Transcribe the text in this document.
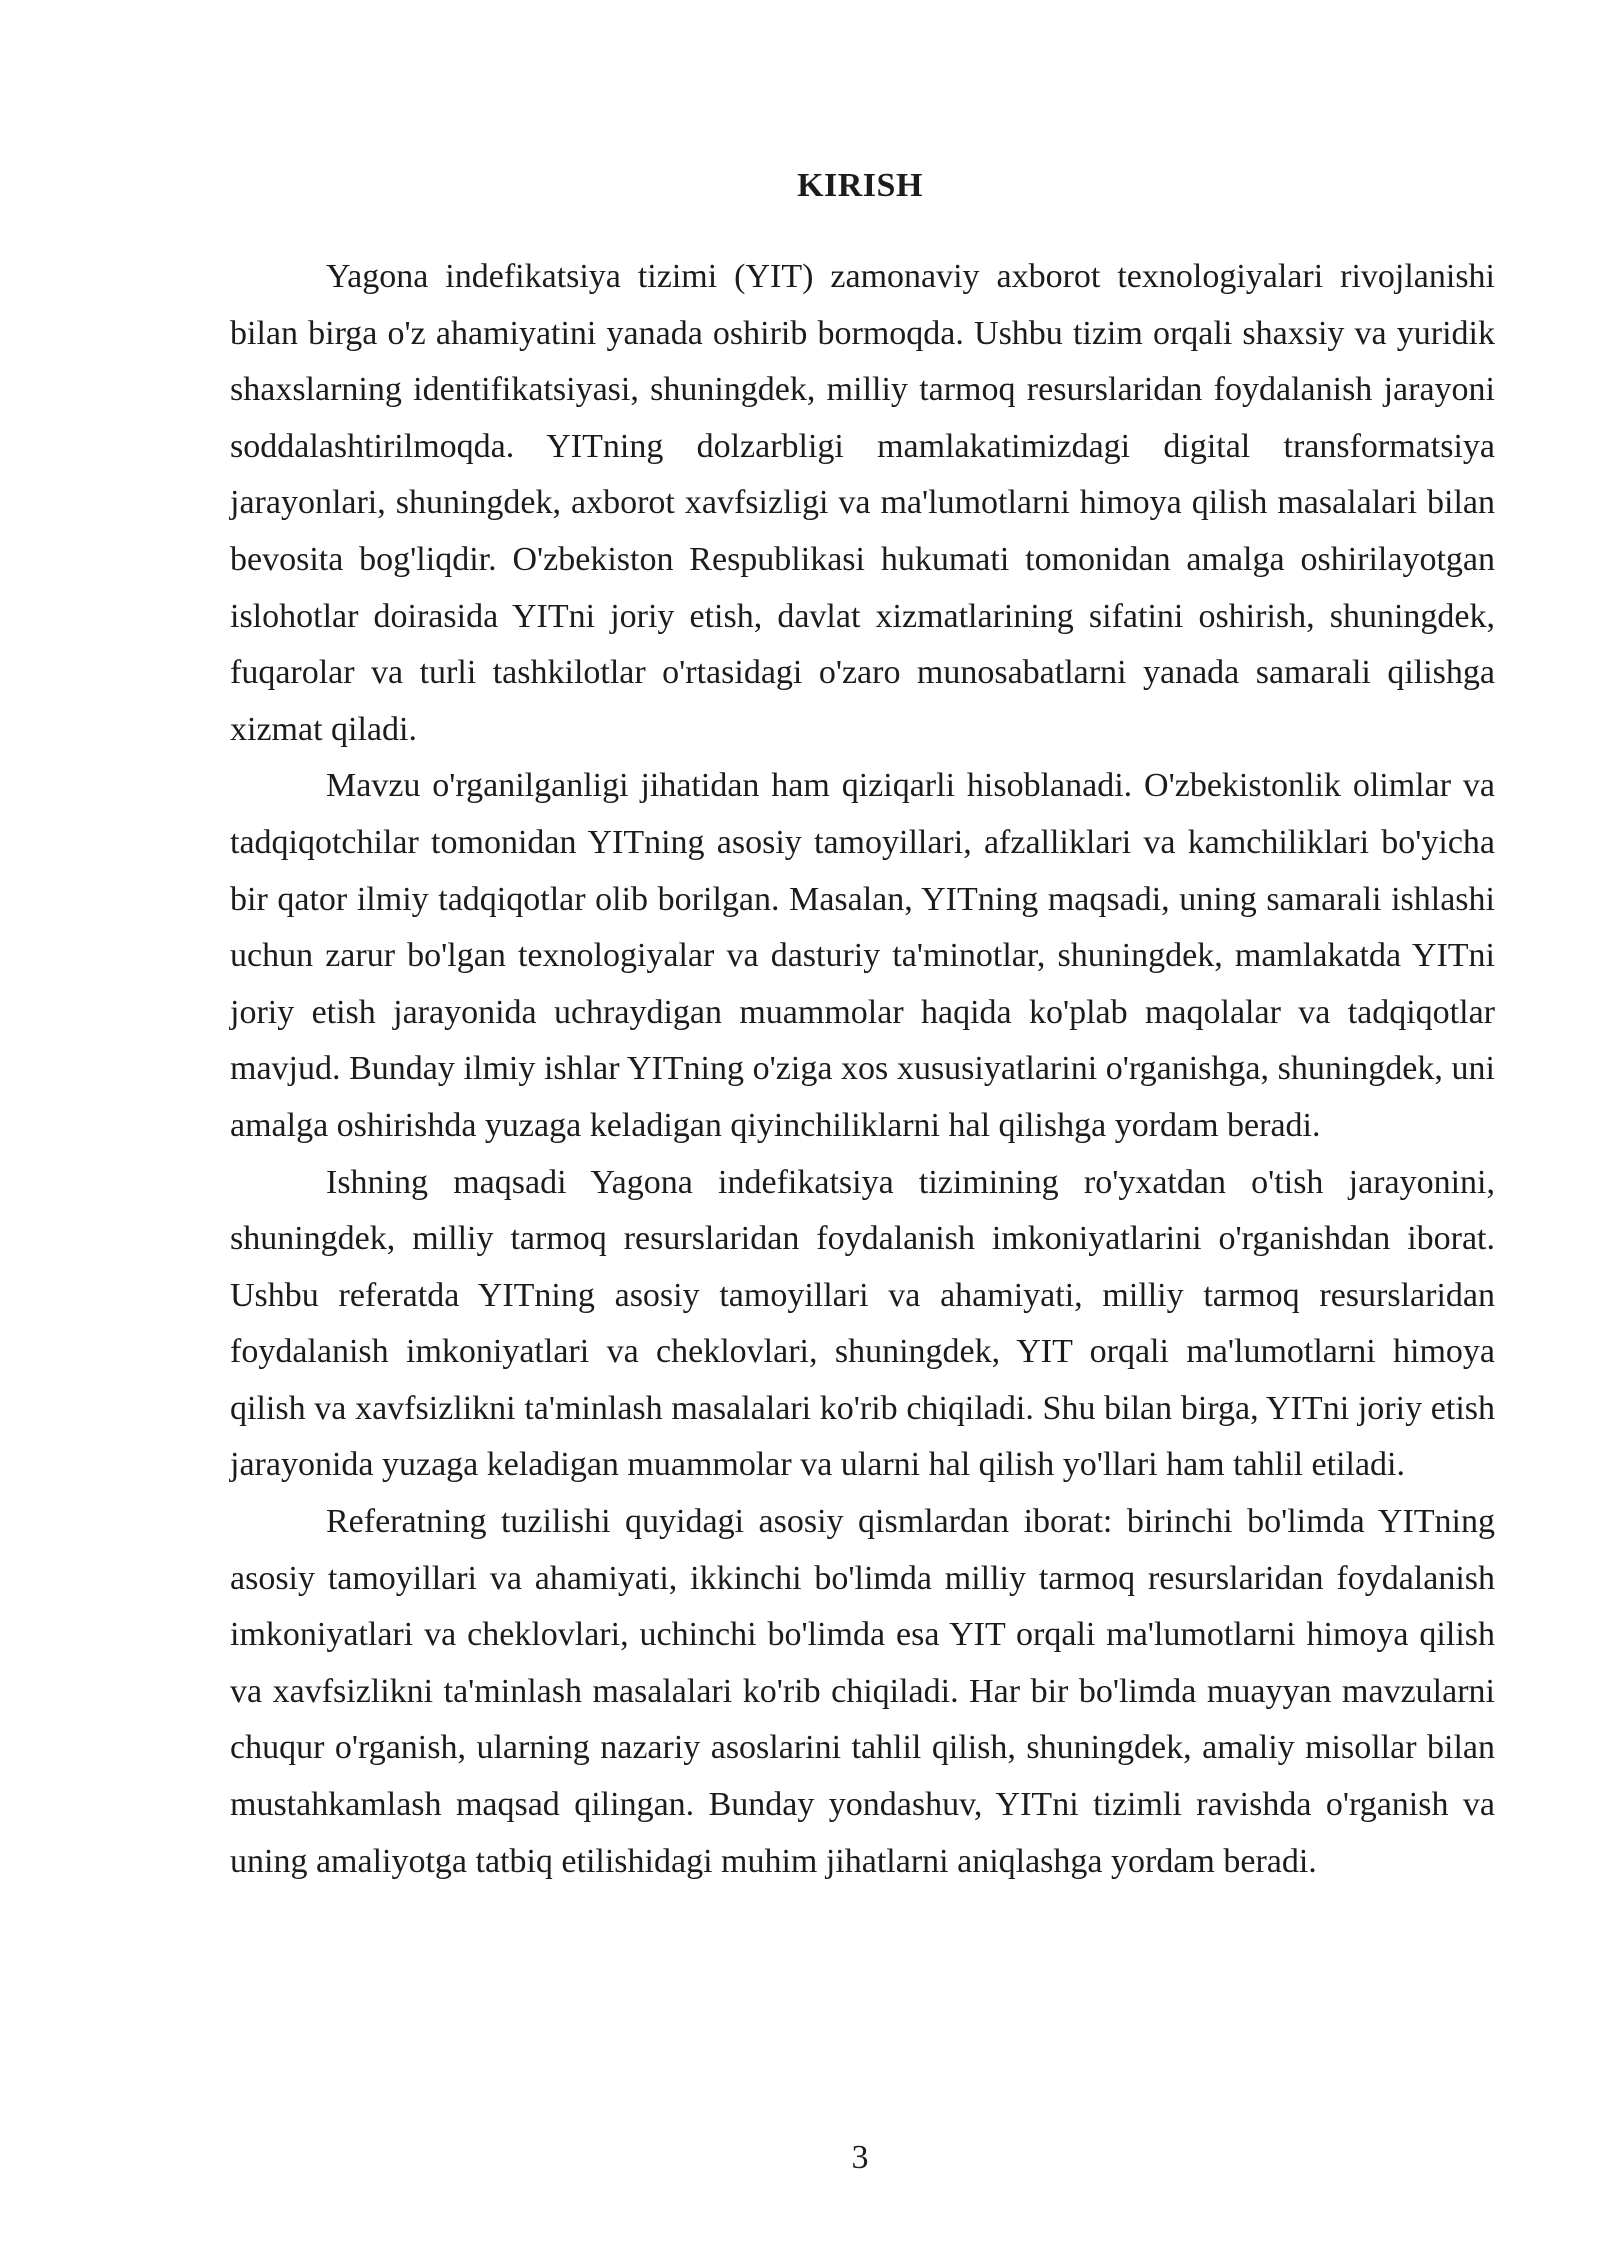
KIRISH

Yagona indefikatsiya tizimi (YIT) zamonaviy axborot texnologiyalari rivojlanishi bilan birga o'z ahamiyatini yanada oshirib bormoqda. Ushbu tizim orqali shaxsiy va yuridik shaxslarning identifikatsiyasi, shuningdek, milliy tarmoq resurslaridan foydalanish jarayoni soddalashtirilmoqda. YITning dolzarbligi mamlakatimizdagi digital transformatsiya jarayonlari, shuningdek, axborot xavfsizligi va ma'lumotlarni himoya qilish masalalari bilan bevosita bog'liqdir. O'zbekiston Respublikasi hukumati tomonidan amalga oshirilayotgan islohotlar doirasida YITni joriy etish, davlat xizmatlarining sifatini oshirish, shuningdek, fuqarolar va turli tashkilotlar o'rtasidagi o'zaro munosabatlarni yanada samarali qilishga xizmat qiladi.

Mavzu o'rganilganligi jihatidan ham qiziqarli hisoblanadi. O'zbekistonlik olimlar va tadqiqotchilar tomonidan YITning asosiy tamoyillari, afzalliklari va kamchiliklari bo'yicha bir qator ilmiy tadqiqotlar olib borilgan. Masalan, YITning maqsadi, uning samarali ishlashi uchun zarur bo'lgan texnologiyalar va dasturiy ta'minotlar, shuningdek, mamlakatda YITni joriy etish jarayonida uchraydigan muammolar haqida ko'plab maqolalar va tadqiqotlar mavjud. Bunday ilmiy ishlar YITning o'ziga xos xususiyatlarini o'rganishga, shuningdek, uni amalga oshirishda yuzaga keladigan qiyinchiliklarni hal qilishga yordam beradi.

Ishning maqsadi Yagona indefikatsiya tizimining ro'yxatdan o'tish jarayonini, shuningdek, milliy tarmoq resurslaridan foydalanish imkoniyatlarini o'rganishdan iborat. Ushbu referatda YITning asosiy tamoyillari va ahamiyati, milliy tarmoq resurslaridan foydalanish imkoniyatlari va cheklovlari, shuningdek, YIT orqali ma'lumotlarni himoya qilish va xavfsizlikni ta'minlash masalalari ko'rib chiqiladi. Shu bilan birga, YITni joriy etish jarayonida yuzaga keladigan muammolar va ularni hal qilish yo'llari ham tahlil etiladi.

Referatning tuzilishi quyidagi asosiy qismlardan iborat: birinchi bo'limda YITning asosiy tamoyillari va ahamiyati, ikkinchi bo'limda milliy tarmoq resurslaridan foydalanish imkoniyatlari va cheklovlari, uchinchi bo'limda esa YIT orqali ma'lumotlarni himoya qilish va xavfsizlikni ta'minlash masalalari ko'rib chiqiladi. Har bir bo'limda muayyan mavzularni chuqur o'rganish, ularning nazariy asoslarini tahlil qilish, shuningdek, amaliy misollar bilan mustahkamlash maqsad qilingan. Bunday yondashuv, YITni tizimli ravishda o'rganish va uning amaliyotga tatbiq etilishidagi muhim jihatlarni aniqlashga yordam beradi.

3
